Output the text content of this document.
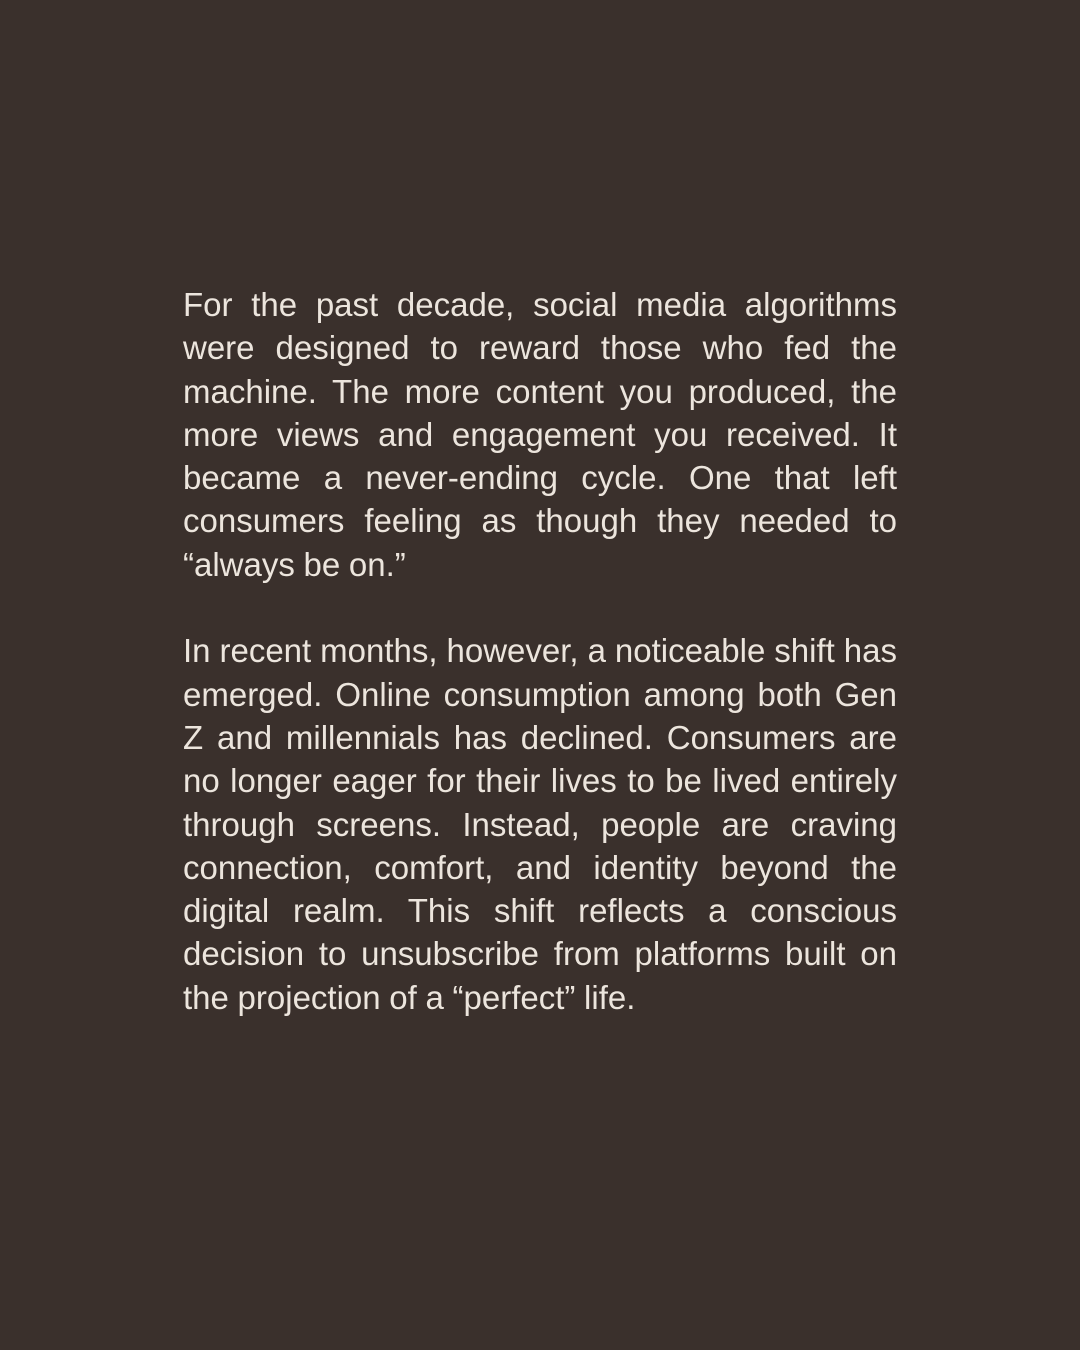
For the past decade, social media algorithms were designed to reward those who fed the machine. The more content you produced, the more views and engagement you received. It became a never-ending cycle. One that left consumers feeling as though they needed to “always be on.”

In recent months, however, a noticeable shift has emerged. Online consumption among both Gen Z and millennials has declined. Consumers are no longer eager for their lives to be lived entirely through screens. Instead, people are craving connection, comfort, and identity beyond the digital realm. This shift reflects a conscious decision to unsubscribe from platforms built on the projection of a “perfect” life.
